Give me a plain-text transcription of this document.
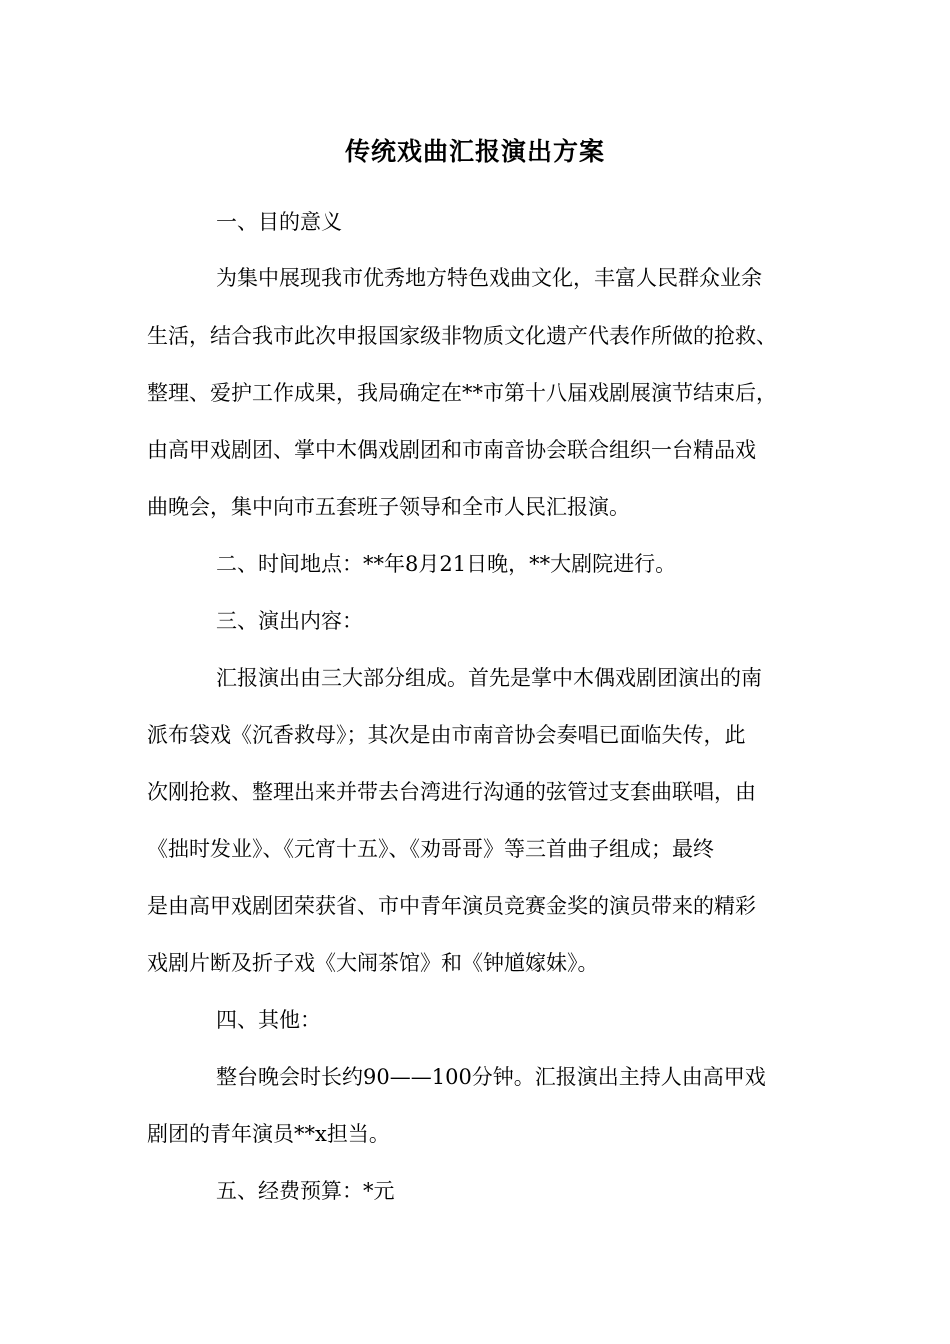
传统戏曲汇报演出方案
一、目的意义
为集中展现我市优秀地方特色戏曲文化，丰富人民群众业余
生活，结合我市此次申报国家级非物质文化遗产代表作所做的抢救、
整理、爱护工作成果，我局确定在**市第十八届戏剧展演节结束后，
由高甲戏剧团、掌中木偶戏剧团和市南音协会联合组织一台精品戏
曲晚会，集中向市五套班子领导和全市人民汇报演。
二、时间地点：**年8月21日晚，**大剧院进行。
三、演出内容：
汇报演出由三大部分组成。首先是掌中木偶戏剧团演出的南
派布袋戏《沉香救母》；其次是由市南音协会奏唱已面临失传，此
次刚抢救、整理出来并带去台湾进行沟通的弦管过支套曲联唱，由
《拙时发业》、《元宵十五》、《劝哥哥》等三首曲子组成；最终
是由高甲戏剧团荣获省、市中青年演员竞赛金奖的演员带来的精彩
戏剧片断及折子戏《大闹茶馆》和《钟馗嫁妹》。
四、其他：
整台晚会时长约90——100分钟。汇报演出主持人由高甲戏
剧团的青年演员**x担当。
五、经费预算：*元
